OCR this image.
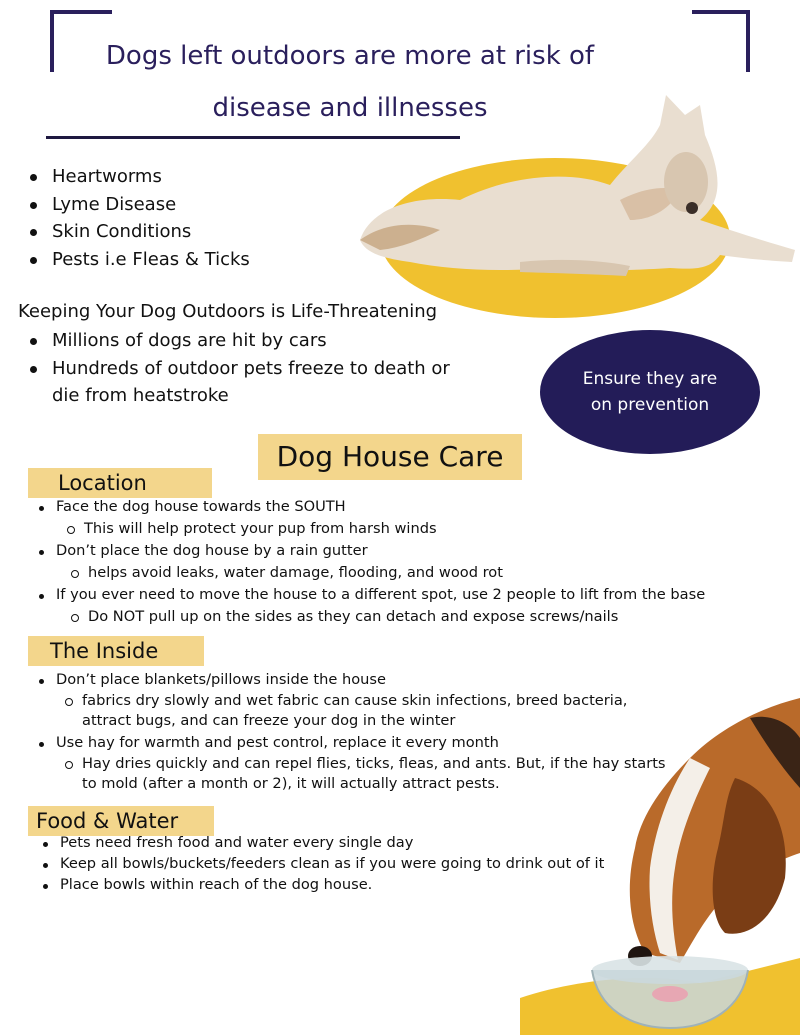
Dogs left outdoors are more at risk of
disease and illnesses
Heartworms
Lyme Disease
Skin Conditions
Pests i.e Fleas & Ticks
Keeping Your Dog Outdoors is Life-Threatening
Millions of dogs are hit by cars
Hundreds of outdoor pets freeze to death or
die from heatstroke
Ensure they are
on prevention
Dog House Care
Location
Face the dog house towards the SOUTH
This will help protect your pup from harsh winds
Don’t place the dog house by a rain gutter
helps avoid leaks, water damage, flooding, and wood rot
If you ever need to move the house to a different spot, use 2 people to lift from the base
Do NOT pull up on the sides as they can detach and expose screws/nails
The Inside
Don’t place blankets/pillows inside the house
fabrics dry slowly and wet fabric can cause skin infections, breed bacteria,
attract bugs, and can freeze your dog in the winter
Use hay for warmth and pest control, replace it every month
Hay dries quickly and can repel flies, ticks, fleas, and ants. But, if the hay starts
to mold (after a month or 2), it will actually attract pests.
Food & Water
Pets need fresh food and water every single day
Keep all bowls/buckets/feeders clean as if you were going to drink out of it
Place bowls within reach of the dog house.
